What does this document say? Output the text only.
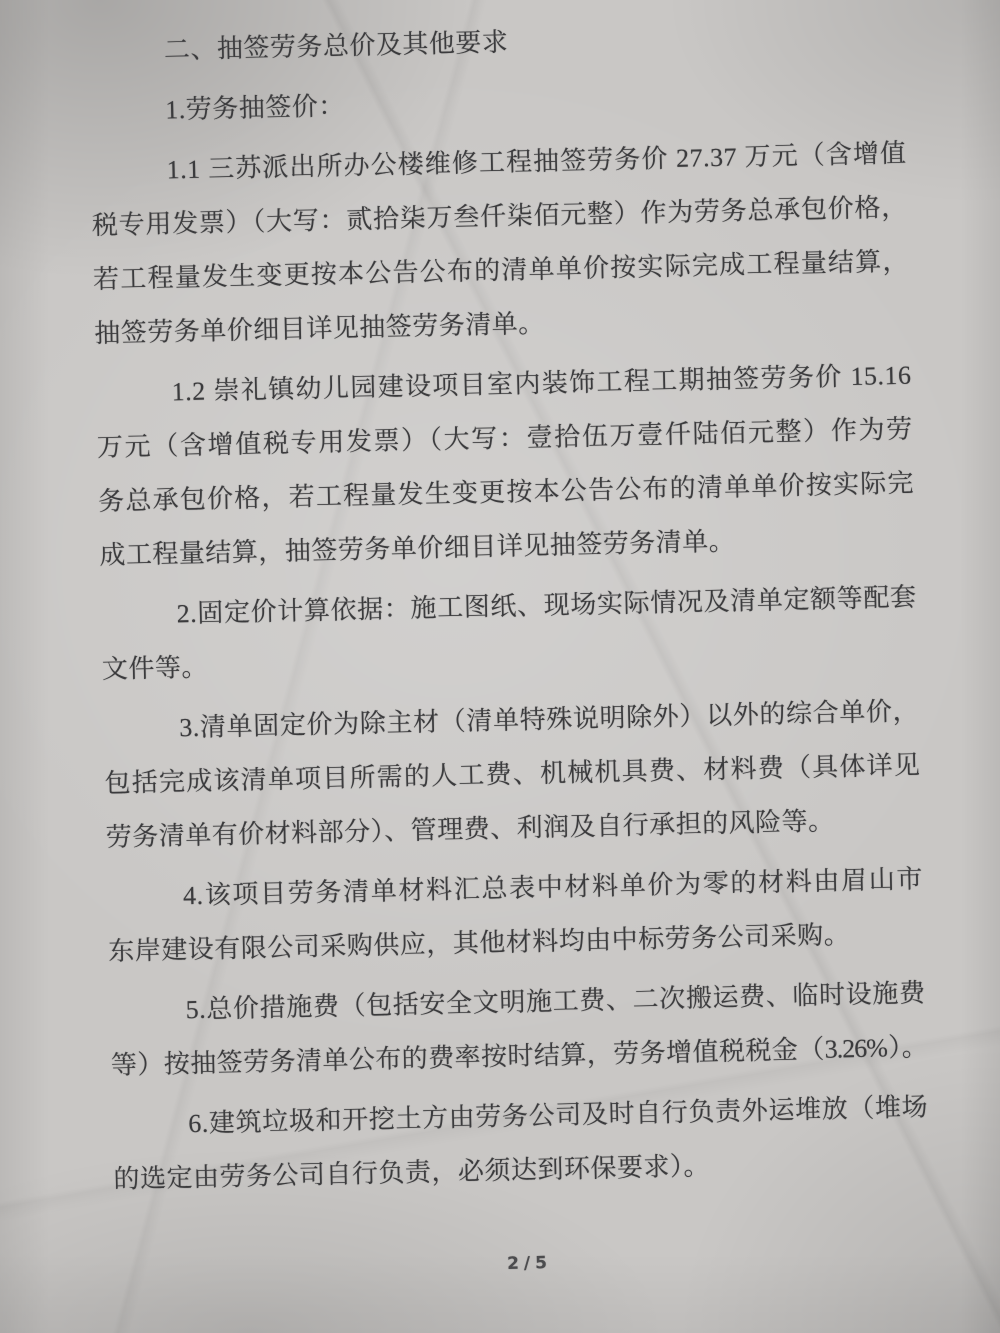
二、抽签劳务总价及其他要求
1.劳务抽签价：
1.1 三苏派出所办公楼维修工程抽签劳务价 27.37 万元（含增值
税专用发票）（大写：贰拾柒万叁仟柒佰元整）作为劳务总承包价格，
若工程量发生变更按本公告公布的清单单价按实际完成工程量结算，
抽签劳务单价细目详见抽签劳务清单。
1.2 崇礼镇幼儿园建设项目室内装饰工程工期抽签劳务价 15.16
万元（含增值税专用发票）（大写：壹拾伍万壹仟陆佰元整）作为劳
务总承包价格，若工程量发生变更按本公告公布的清单单价按实际完
成工程量结算，抽签劳务单价细目详见抽签劳务清单。
2.固定价计算依据：施工图纸、现场实际情况及清单定额等配套
文件等。
3.清单固定价为除主材（清单特殊说明除外）以外的综合单价，
包括完成该清单项目所需的人工费、机械机具费、材料费（具体详见
劳务清单有价材料部分）、管理费、利润及自行承担的风险等。
4.该项目劳务清单材料汇总表中材料单价为零的材料由眉山市
东岸建设有限公司采购供应，其他材料均由中标劳务公司采购。
5.总价措施费（包括安全文明施工费、二次搬运费、临时设施费
等）按抽签劳务清单公布的费率按时结算，劳务增值税税金（3.26%）。
6.建筑垃圾和开挖土方由劳务公司及时自行负责外运堆放（堆场
的选定由劳务公司自行负责，必须达到环保要求）。
2/5
